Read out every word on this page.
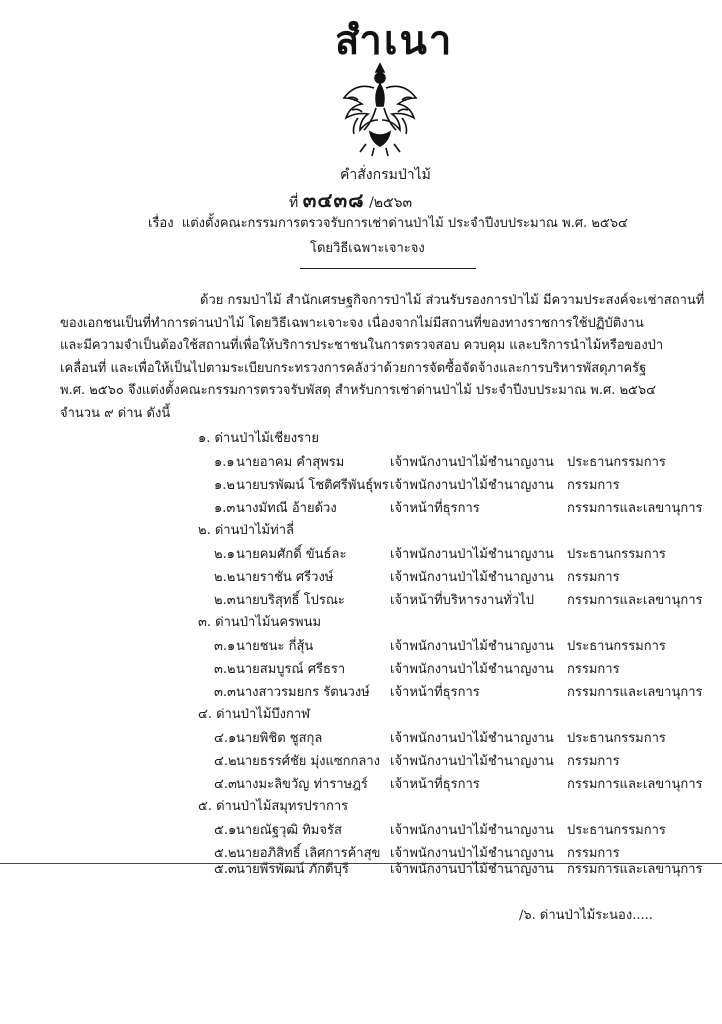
สำเนา
คำสั่งกรมป่าไม้
ที่ ๓๔๓๘ /๒๕๖๓
เรื่อง แต่งตั้งคณะกรรมการตรวจรับการเช่าด่านป่าไม้ ประจำปีงบประมาณ พ.ศ. ๒๕๖๔
โดยวิธีเฉพาะเจาะจง
ด้วย กรมป่าไม้ สำนักเศรษฐกิจการป่าไม้ ส่วนรับรองการป่าไม้ มีความประสงค์จะเช่าสถานที่
ของเอกชนเป็นที่ทำการด่านป่าไม้ โดยวิธีเฉพาะเจาะจง เนื่องจากไม่มีสถานที่ของทางราชการใช้ปฏิบัติงาน
และมีความจำเป็นต้องใช้สถานที่เพื่อให้บริการประชาชนในการตรวจสอบ ควบคุม และบริการนำไม้หรือของป่า
เคลื่อนที่ และเพื่อให้เป็นไปตามระเบียบกระทรวงการคลังว่าด้วยการจัดซื้อจัดจ้างและการบริหารพัสดุภาครัฐ
พ.ศ. ๒๕๖๐ จึงแต่งตั้งคณะกรรมการตรวจรับพัสดุ สำหรับการเช่าด่านป่าไม้ ประจำปีงบประมาณ พ.ศ. ๒๕๖๔
จำนวน ๙ ด่าน ดังนี้
๑. ด่านป่าไม้เชียงราย
๑.๑ นายอาคม คำสุพรม	เจ้าพนักงานป่าไม้ชำนาญงาน ประธานกรรมการ
๑.๒ นายบรพัฒน์ โชติศรีพันธุ์พร เจ้าพนักงานป่าไม้ชำนาญงาน กรรมการ
๑.๓ นางมัทณี อ้ายด้วง	เจ้าหน้าที่ธุรการ	กรรมการและเลขานุการ
๒. ด่านป่าไม้ท่าลี่
๒.๑ นายคมศักดิ์ ขันธ์ละ	เจ้าพนักงานป่าไม้ชำนาญงาน ประธานกรรมการ
๒.๒ นายราชัน ศรีวงษ์	เจ้าพนักงานป่าไม้ชำนาญงาน กรรมการ
๒.๓ นายบริสุทธิ์ โปรณะ	เจ้าหน้าที่บริหารงานทั่วไป	กรรมการและเลขานุการ
๓. ด่านป่าไม้นครพนม
๓.๑ นายชนะ กี่สุ้น	เจ้าพนักงานป่าไม้ชำนาญงาน ประธานกรรมการ
๓.๒ นายสมบูรณ์ ศรีธรา	เจ้าพนักงานป่าไม้ชำนาญงาน กรรมการ
๓.๓ นางสาวรมยกร รัตนวงษ์ เจ้าหน้าที่ธุรการ	กรรมการและเลขานุการ
๔. ด่านป่าไม้บึงกาฬ
๔.๑ นายพิชิต ชูสกุล	เจ้าพนักงานป่าไม้ชำนาญงาน ประธานกรรมการ
๔.๒ นายธรรศ์ชัย มุ่งแซกกลาง เจ้าพนักงานป่าไม้ชำนาญงาน กรรมการ
๔.๓ นางมะลิขวัญ ท่าราษฎร์ เจ้าหน้าที่ธุรการ	กรรมการและเลขานุการ
๕. ด่านป่าไม้สมุทรปราการ
๕.๑ นายณัฐวุฒิ ทิมจรัส	เจ้าพนักงานป่าไม้ชำนาญงาน ประธานกรรมการ
๕.๒ นายอภิสิทธิ์ เลิศการค้าสุข เจ้าพนักงานป่าไม้ชำนาญงาน กรรมการ
๕.๓ นายพีรพัฒน์ ภักดีบุรี	เจ้าพนักงานป่าไม้ชำนาญงาน กรรมการและเลขานุการ
/๖. ด่านป่าไม้ระนอง.....
